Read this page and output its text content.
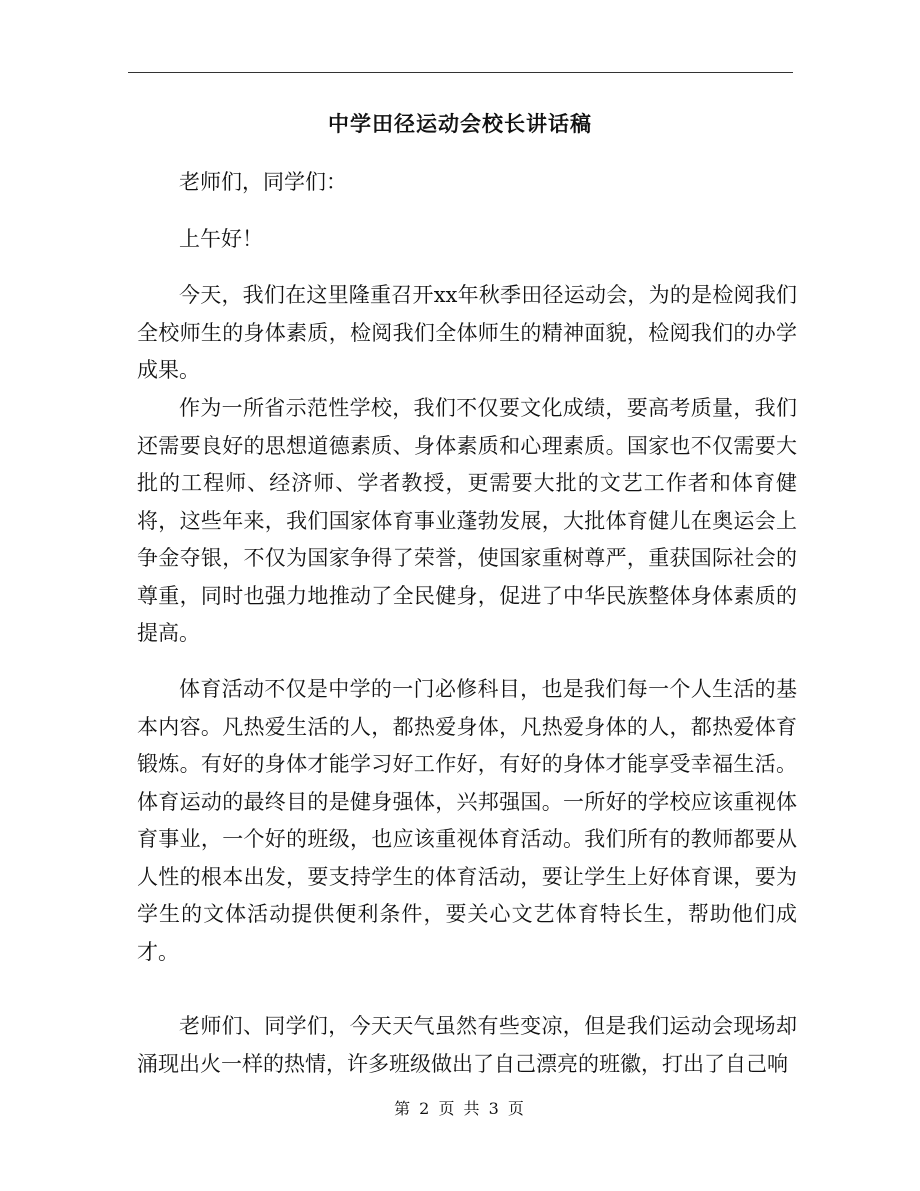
中学田径运动会校长讲话稿

老师们，同学们：

上午好！

今天，我们在这里隆重召开xx年秋季田径运动会，为的是检阅我们全校师生的身体素质，检阅我们全体师生的精神面貌，检阅我们的办学成果。

作为一所省示范性学校，我们不仅要文化成绩，要高考质量，我们还需要良好的思想道德素质、身体素质和心理素质。国家也不仅需要大批的工程师、经济师、学者教授，更需要大批的文艺工作者和体育健将，这些年来，我们国家体育事业蓬勃发展，大批体育健儿在奥运会上争金夺银，不仅为国家争得了荣誉，使国家重树尊严，重获国际社会的尊重，同时也强力地推动了全民健身，促进了中华民族整体身体素质的提高。

体育活动不仅是中学的一门必修科目，也是我们每一个人生活的基本内容。凡热爱生活的人，都热爱身体，凡热爱身体的人，都热爱体育锻炼。有好的身体才能学习好工作好，有好的身体才能享受幸福生活。体育运动的最终目的是健身强体，兴邦强国。一所好的学校应该重视体育事业，一个好的班级，也应该重视体育活动。我们所有的教师都要从人性的根本出发，要支持学生的体育活动，要让学生上好体育课，要为学生的文体活动提供便利条件，要关心文艺体育特长生，帮助他们成才。

老师们、同学们，今天天气虽然有些变凉，但是我们运动会现场却涌现出火一样的热情，许多班级做出了自己漂亮的班徽，打出了自己响

第 2 页 共 3 页
